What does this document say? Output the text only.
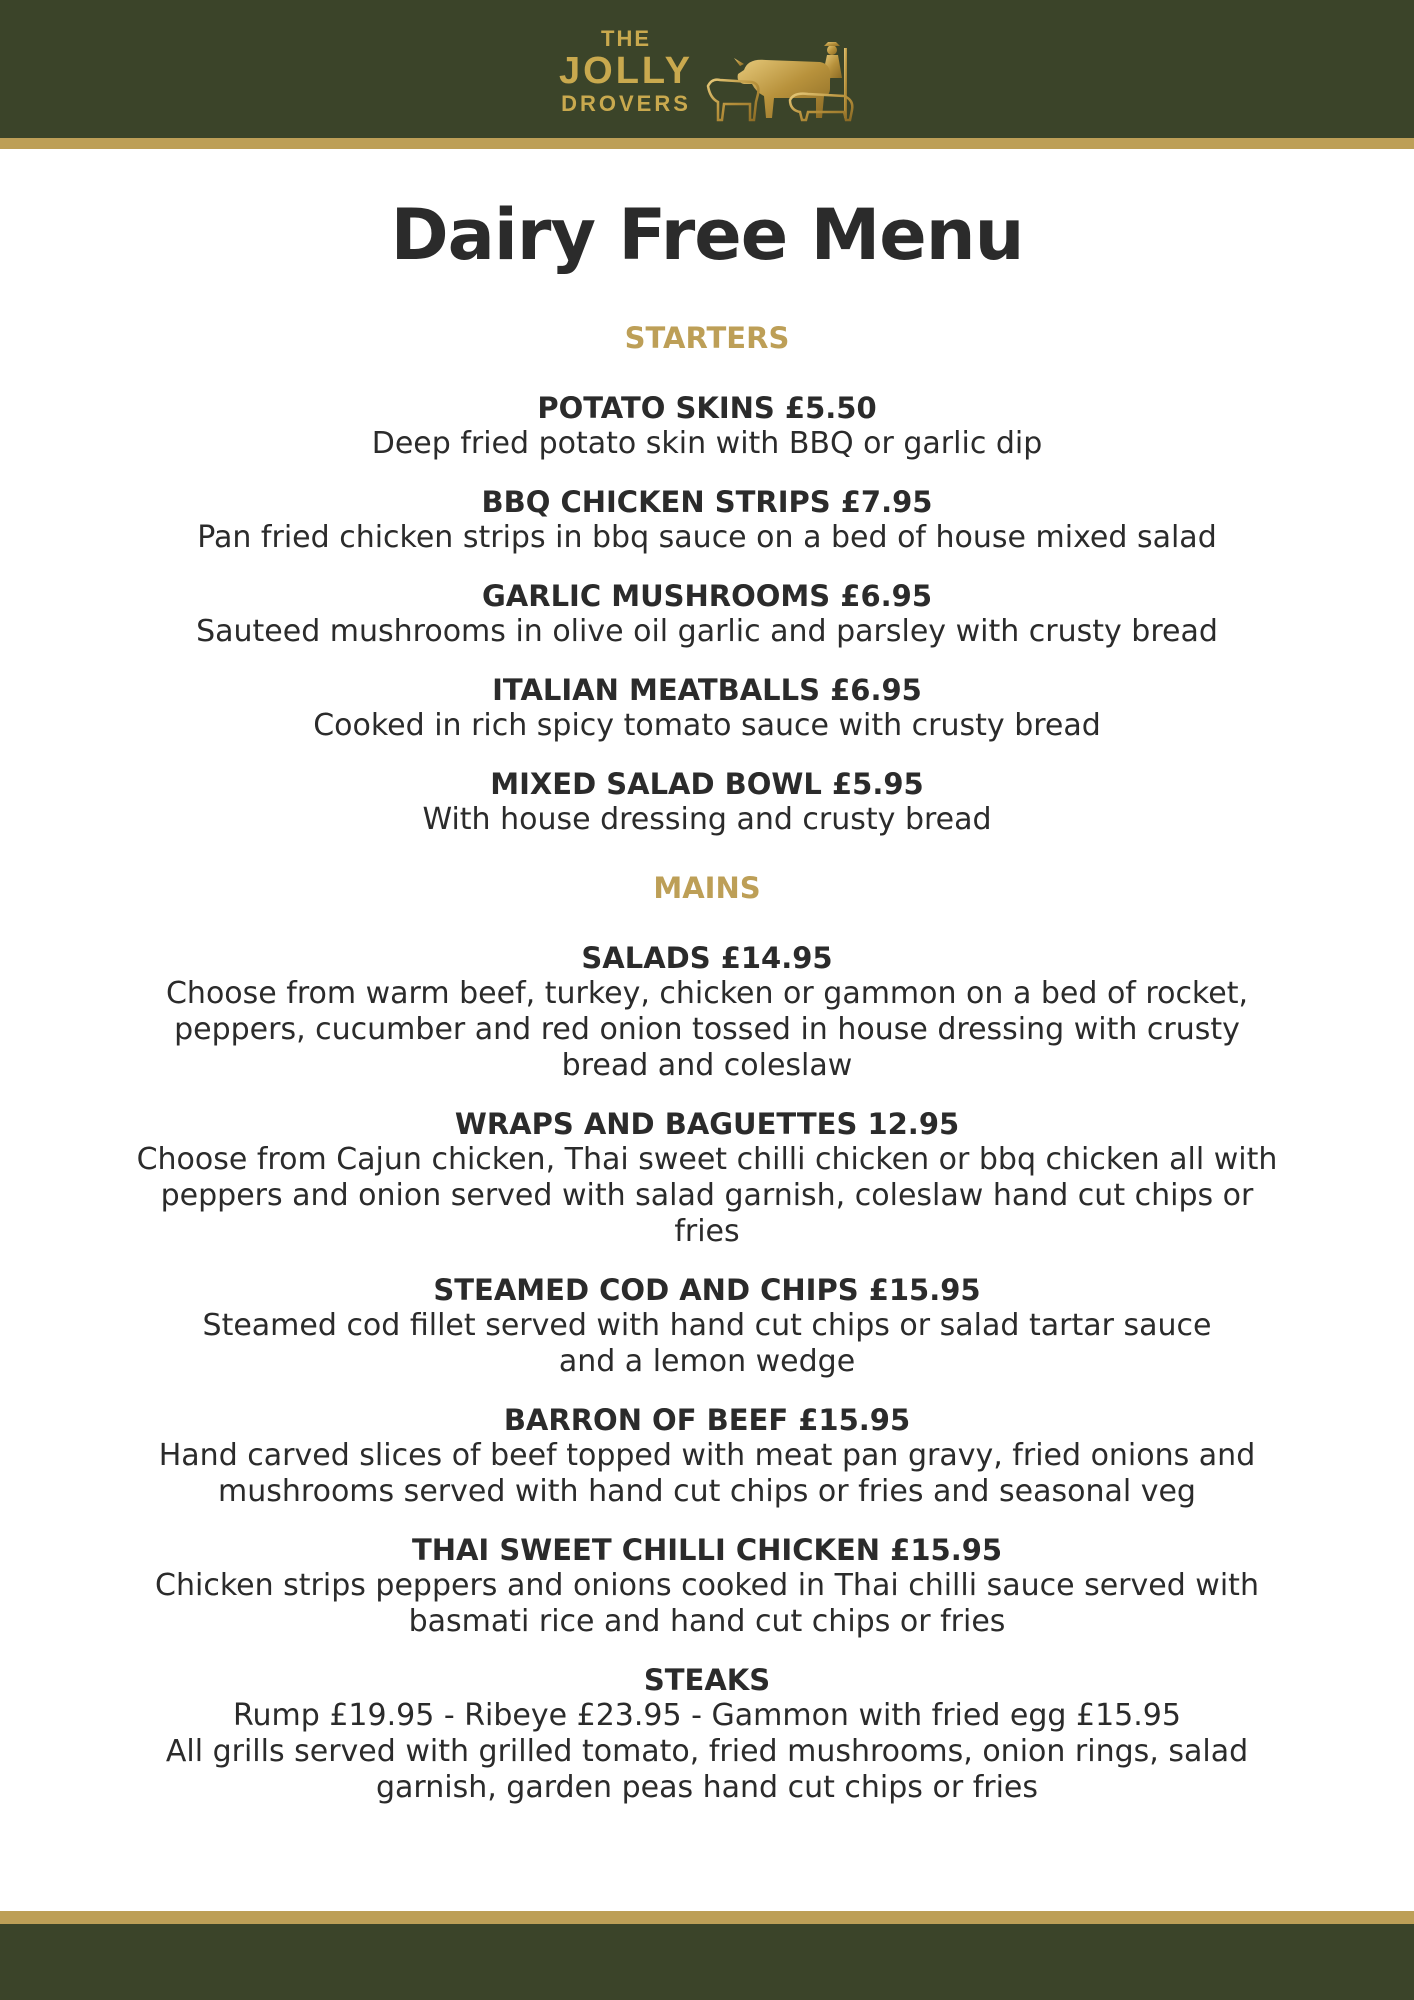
THE
JOLLY
DROVERS
Dairy Free Menu
STARTERS
POTATO SKINS £5.50
Deep fried potato skin with BBQ or garlic dip
BBQ CHICKEN STRIPS £7.95
Pan fried chicken strips in bbq sauce on a bed of house mixed salad
GARLIC MUSHROOMS £6.95
Sauteed mushrooms in olive oil garlic and parsley with crusty bread
ITALIAN MEATBALLS £6.95
Cooked in rich spicy tomato sauce with crusty bread
MIXED SALAD BOWL £5.95
With house dressing and crusty bread
MAINS
SALADS £14.95
Choose from warm beef, turkey, chicken or gammon on a bed of rocket,
peppers, cucumber and red onion tossed in house dressing with crusty
bread and coleslaw
WRAPS AND BAGUETTES 12.95
Choose from Cajun chicken, Thai sweet chilli chicken or bbq chicken all with
peppers and onion served with salad garnish, coleslaw hand cut chips or
fries
STEAMED COD AND CHIPS £15.95
Steamed cod fillet served with hand cut chips or salad tartar sauce
and a lemon wedge
BARRON OF BEEF £15.95
Hand carved slices of beef topped with meat pan gravy, fried onions and
mushrooms served with hand cut chips or fries and seasonal veg
THAI SWEET CHILLI CHICKEN £15.95
Chicken strips peppers and onions cooked in Thai chilli sauce served with
basmati rice and hand cut chips or fries
STEAKS
Rump £19.95 - Ribeye £23.95 - Gammon with fried egg £15.95
All grills served with grilled tomato, fried mushrooms, onion rings, salad
garnish, garden peas hand cut chips or fries
